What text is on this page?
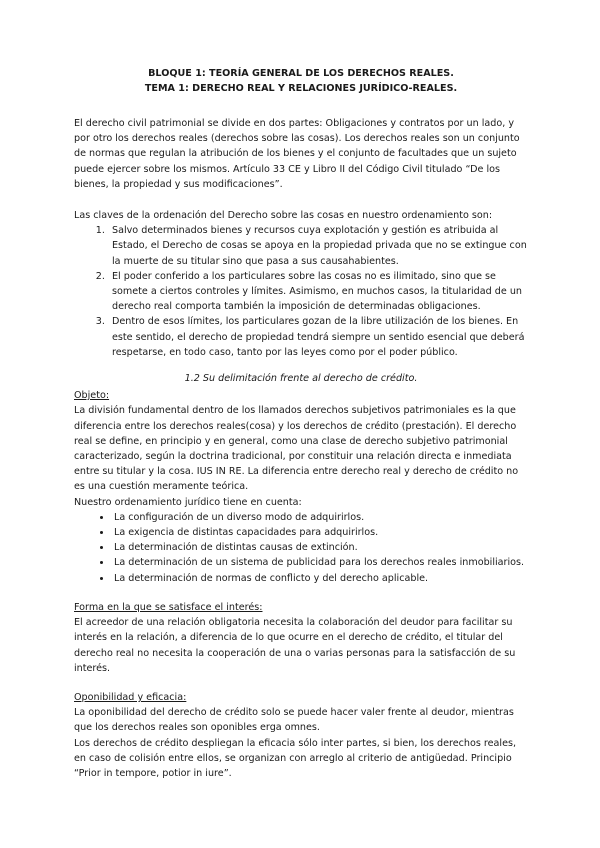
BLOQUE 1: TEORÍA GENERAL DE LOS DERECHOS REALES.

TEMA 1: DERECHO REAL Y RELACIONES JURÍDICO-REALES.

El derecho civil patrimonial se divide en dos partes: Obligaciones y contratos por un lado, y por otro los derechos reales (derechos sobre las cosas). Los derechos reales son un conjunto de normas que regulan la atribución de los bienes y el conjunto de facultades que un sujeto puede ejercer sobre los mismos. Artículo 33 CE y Libro II del Código Civil titulado “De los bienes, la propiedad y sus modificaciones”.

Las claves de la ordenación del Derecho sobre las cosas en nuestro ordenamiento son:

1. Salvo determinados bienes y recursos cuya explotación y gestión es atribuida al Estado, el Derecho de cosas se apoya en la propiedad privada que no se extingue con la muerte de su titular sino que pasa a sus causahabientes.
2. El poder conferido a los particulares sobre las cosas no es ilimitado, sino que se somete a ciertos controles y límites. Asimismo, en muchos casos, la titularidad de un derecho real comporta también la imposición de determinadas obligaciones.
3. Dentro de esos límites, los particulares gozan de la libre utilización de los bienes. En este sentido, el derecho de propiedad tendrá siempre un sentido esencial que deberá respetarse, en todo caso, tanto por las leyes como por el poder público.

1.2 Su delimitación frente al derecho de crédito.

Objeto:

La división fundamental dentro de los llamados derechos subjetivos patrimoniales es la que diferencia entre los derechos reales(cosa) y los derechos de crédito (prestación). El derecho real se define, en principio y en general, como una clase de derecho subjetivo patrimonial caracterizado, según la doctrina tradicional, por constituir una relación directa e inmediata entre su titular y la cosa. IUS IN RE. La diferencia entre derecho real y derecho de crédito no es una cuestión meramente teórica.

Nuestro ordenamiento jurídico tiene en cuenta:

• La configuración de un diverso modo de adquirirlos.
• La exigencia de distintas capacidades para adquirirlos.
• La determinación de distintas causas de extinción.
• La determinación de un sistema de publicidad para los derechos reales inmobiliarios.
• La determinación de normas de conflicto y del derecho aplicable.

Forma en la que se satisface el interés:

El acreedor de una relación obligatoria necesita la colaboración del deudor para facilitar su interés en la relación, a diferencia de lo que ocurre en el derecho de crédito, el titular del derecho real no necesita la cooperación de una o varias personas para la satisfacción de su interés.

Oponibilidad y eficacia:

La oponibilidad del derecho de crédito solo se puede hacer valer frente al deudor, mientras que los derechos reales son oponibles erga omnes.

Los derechos de crédito despliegan la eficacia sólo inter partes, si bien, los derechos reales, en caso de colisión entre ellos, se organizan con arreglo al criterio de antigüedad. Principio “Prior in tempore, potior in iure”.
